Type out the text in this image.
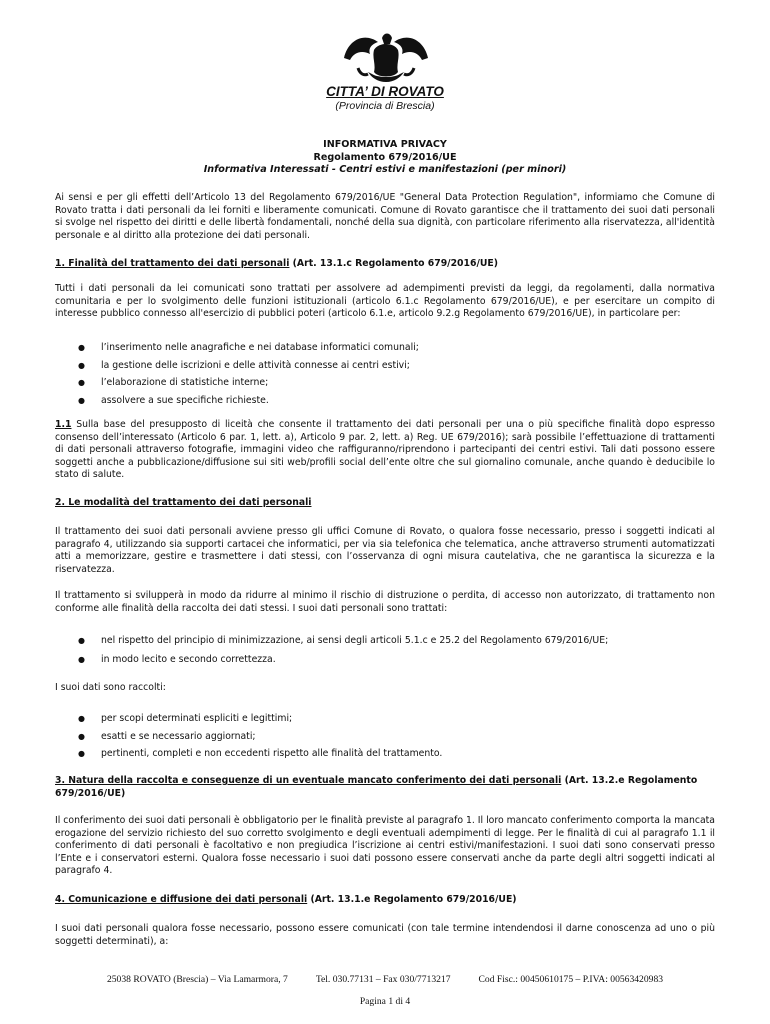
CITTA’ DI ROVATO
(Provincia di Brescia)
INFORMATIVA PRIVACY
Regolamento 679/2016/UE
Informativa Interessati - Centri estivi e manifestazioni (per minori)

Ai sensi e per gli effetti dell’Articolo 13 del Regolamento 679/2016/UE "General Data Protection Regulation", informiamo che Comune di Rovato tratta i dati personali da lei forniti e liberamente comunicati. Comune di Rovato garantisce che il trattamento dei suoi dati personali si svolge nel rispetto dei diritti e delle libertà fondamentali, nonché della sua dignità, con particolare riferimento alla riservatezza, all'identità personale e al diritto alla protezione dei dati personali.

1. Finalità del trattamento dei dati personali (Art. 13.1.c Regolamento 679/2016/UE)

Tutti i dati personali da lei comunicati sono trattati per assolvere ad adempimenti previsti da leggi, da regolamenti, dalla normativa comunitaria e per lo svolgimento delle funzioni istituzionali (articolo 6.1.c Regolamento 679/2016/UE), e per esercitare un compito di interesse pubblico connesso all'esercizio di pubblici poteri (articolo 6.1.e, articolo 9.2.g Regolamento 679/2016/UE), in particolare per:

● l’inserimento nelle anagrafiche e nei database informatici comunali;
● la gestione delle iscrizioni e delle attività connesse ai centri estivi;
● l’elaborazione di statistiche interne;
● assolvere a sue specifiche richieste.

1.1 Sulla base del presupposto di liceità che consente il trattamento dei dati personali per una o più specifiche finalità dopo espresso consenso dell’interessato (Articolo 6 par. 1, lett. a), Articolo 9 par. 2, lett. a) Reg. UE 679/2016); sarà possibile l’effettuazione di trattamenti di dati personali attraverso fotografie, immagini video che raffiguranno/riprendono i partecipanti dei centri estivi. Tali dati possono essere soggetti anche a pubblicazione/diffusione sui siti web/profili social dell’ente oltre che sul giornalino comunale, anche quando è deducibile lo stato di salute.

2. Le modalità del trattamento dei dati personali

Il trattamento dei suoi dati personali avviene presso gli uffici Comune di Rovato, o qualora fosse necessario, presso i soggetti indicati al paragrafo 4, utilizzando sia supporti cartacei che informatici, per via sia telefonica che telematica, anche attraverso strumenti automatizzati atti a memorizzare, gestire e trasmettere i dati stessi, con l’osservanza di ogni misura cautelativa, che ne garantisca la sicurezza e la riservatezza.

Il trattamento si svilupperà in modo da ridurre al minimo il rischio di distruzione o perdita, di accesso non autorizzato, di trattamento non conforme alle finalità della raccolta dei dati stessi. I suoi dati personali sono trattati:

● nel rispetto del principio di minimizzazione, ai sensi degli articoli 5.1.c e 25.2 del Regolamento 679/2016/UE;
● in modo lecito e secondo correttezza.

I suoi dati sono raccolti:

● per scopi determinati espliciti e legittimi;
● esatti e se necessario aggiornati;
● pertinenti, completi e non eccedenti rispetto alle finalità del trattamento.
3. Natura della raccolta e conseguenze di un eventuale mancato conferimento dei dati personali (Art. 13.2.e Regolamento 679/2016/UE)

Il conferimento dei suoi dati personali è obbligatorio per le finalità previste al paragrafo 1. Il loro mancato conferimento comporta la mancata erogazione del servizio richiesto del suo corretto svolgimento e degli eventuali adempimenti di legge. Per le finalità di cui al paragrafo 1.1 il conferimento di dati personali è facoltativo e non pregiudica l’iscrizione ai centri estivi/manifestazioni. I suoi dati sono conservati presso l’Ente e i conservatori esterni. Qualora fosse necessario i suoi dati possono essere conservati anche da parte degli altri soggetti indicati al paragrafo 4.

4. Comunicazione e diffusione dei dati personali (Art. 13.1.e Regolamento 679/2016/UE)

I suoi dati personali qualora fosse necessario, possono essere comunicati (con tale termine intendendosi il darne conoscenza ad uno o più soggetti determinati), a:

25038 ROVATO (Brescia) – Via Lamarmora, 7	Tel. 030.77131 – Fax 030/7713217	Cod Fisc.: 00450610175 – P.IVA: 00563420983
Pagina 1 di 4
